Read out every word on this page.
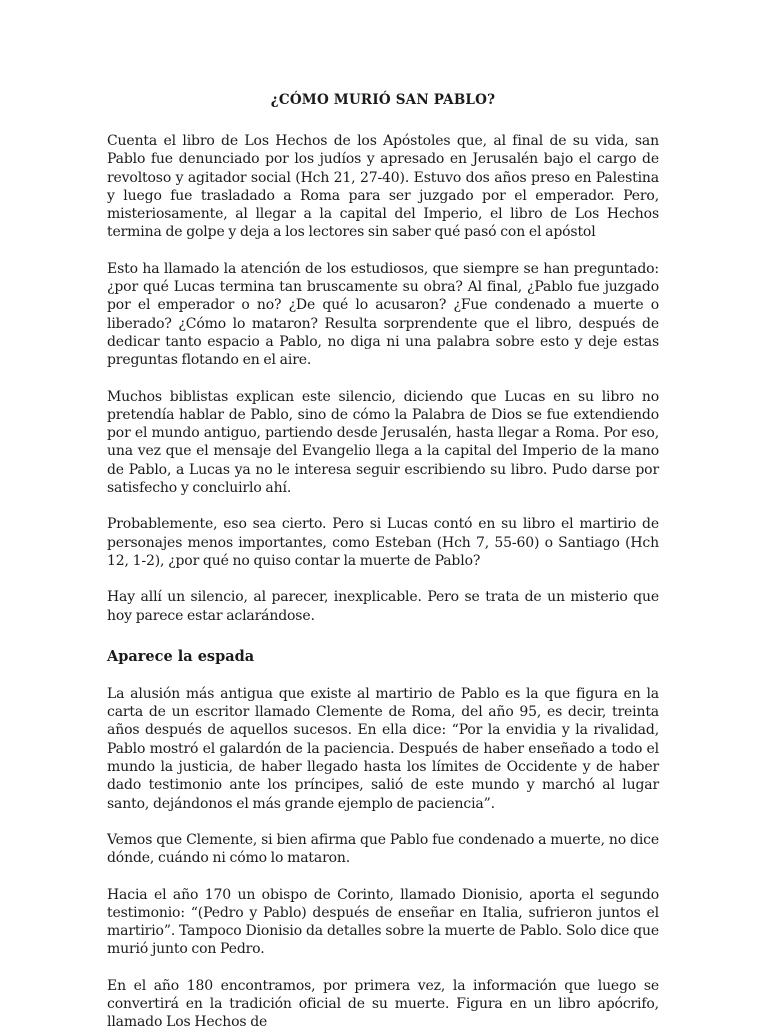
¿CÓMO MURIÓ SAN PABLO?

Cuenta el libro de Los Hechos de los Apóstoles que, al final de su vida, san Pablo fue denunciado por los judíos y apresado en Jerusalén bajo el cargo de revoltoso y agitador social (Hch 21, 27-40). Estuvo dos años preso en Palestina y luego fue trasladado a Roma para ser juzgado por el emperador. Pero, misteriosamente, al llegar a la capital del Imperio, el libro de Los Hechos termina de golpe y deja a los lectores sin saber qué pasó con el apóstol

Esto ha llamado la atención de los estudiosos, que siempre se han preguntado: ¿por qué Lucas termina tan bruscamente su obra? Al final, ¿Pablo fue juzgado por el emperador o no? ¿De qué lo acusaron? ¿Fue condenado a muerte o liberado? ¿Cómo lo mataron? Resulta sorprendente que el libro, después de dedicar tanto espacio a Pablo, no diga ni una palabra sobre esto y deje estas preguntas flotando en el aire.

Muchos biblistas explican este silencio, diciendo que Lucas en su libro no pretendía hablar de Pablo, sino de cómo la Palabra de Dios se fue extendiendo por el mundo antiguo, partiendo desde Jerusalén, hasta llegar a Roma. Por eso, una vez que el mensaje del Evangelio llega a la capital del Imperio de la mano de Pablo, a Lucas ya no le interesa seguir escribiendo su libro. Pudo darse por satisfecho y concluirlo ahí.

Probablemente, eso sea cierto. Pero si Lucas contó en su libro el martirio de personajes menos importantes, como Esteban (Hch 7, 55-60) o Santiago (Hch 12, 1-2), ¿por qué no quiso contar la muerte de Pablo?

Hay allí un silencio, al parecer, inexplicable. Pero se trata de un misterio que hoy parece estar aclarándose.

Aparece la espada

La alusión más antigua que existe al martirio de Pablo es la que figura en la carta de un escritor llamado Clemente de Roma, del año 95, es decir, treinta años después de aquellos sucesos. En ella dice: “Por la envidia y la rivalidad, Pablo mostró el galardón de la paciencia. Después de haber enseñado a todo el mundo la justicia, de haber llegado hasta los límites de Occidente y de haber dado testimonio ante los príncipes, salió de este mundo y marchó al lugar santo, dejándonos el más grande ejemplo de paciencia”.

Vemos que Clemente, si bien afirma que Pablo fue condenado a muerte, no dice dónde, cuándo ni cómo lo mataron.

Hacia el año 170 un obispo de Corinto, llamado Dionisio, aporta el segundo testimonio: “(Pedro y Pablo) después de enseñar en Italia, sufrieron juntos el martirio”. Tampoco Dionisio da detalles sobre la muerte de Pablo. Solo dice que murió junto con Pedro.

En el año 180 encontramos, por primera vez, la información que luego se convertirá en la tradición oficial de su muerte. Figura en un libro apócrifo, llamado Los Hechos de
